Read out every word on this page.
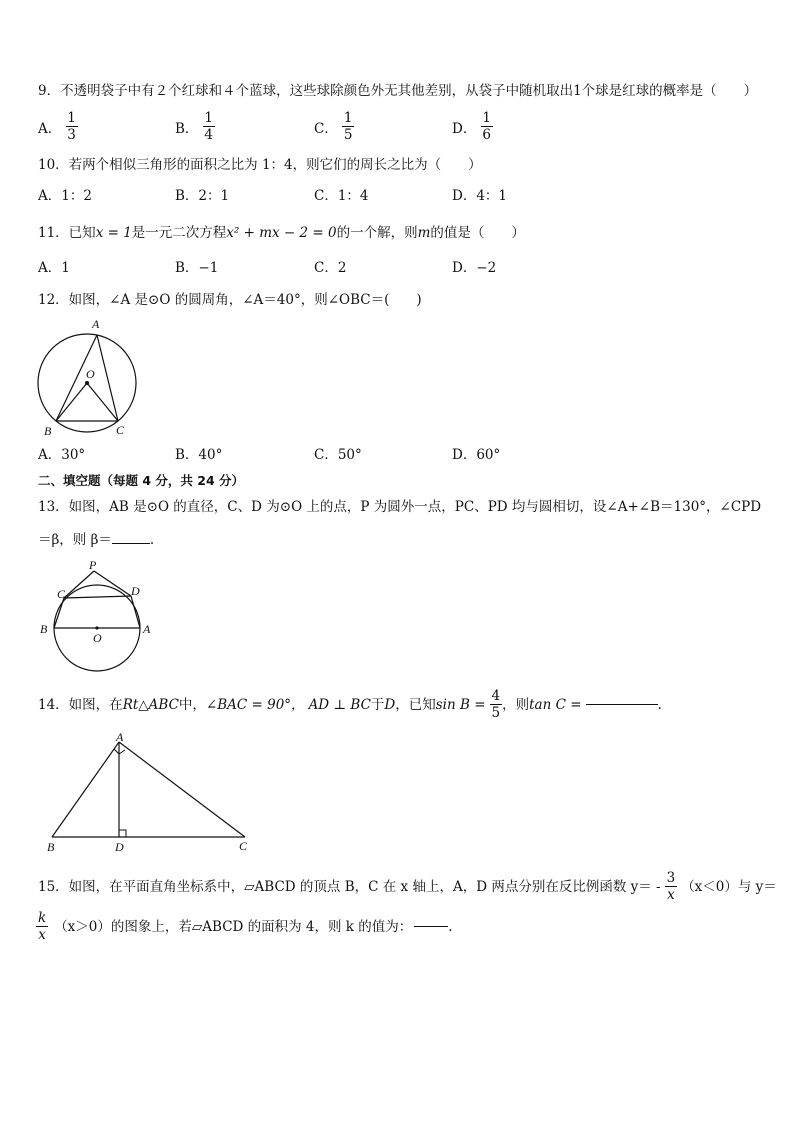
9．不透明袋子中有２个红球和４个蓝球，这些球除颜色外无其他差别，从袋子中随机取出1个球是红球的概率是（　　）
A． $\frac{1}{3}$	B． $\frac{1}{4}$	C． $\frac{1}{5}$	D． $\frac{1}{6}$
10．若两个相似三角形的面积之比为 1：4，则它们的周长之比为（　　）
A．1：2	B．2：1	C．1：4	D．4：1
11．已知x = 1是一元二次方程x² + mx − 2 = 0的一个解，则m的值是（　　）
A．1	B．−1	C．2	D．−2
12．如图，∠A 是⊙O 的圆周角，∠A＝40°，则∠OBC＝(　　)
A
O
B	C
A．30°	B．40°	C．50°	D．60°
二、填空题（每题 4 分，共 24 分）
13．如图，AB 是⊙O 的直径，C、D 为⊙O 上的点，P 为圆外一点，PC、PD 均与圆相切，设∠A+∠B＝130°，∠CPD
＝β，则 β＝	.
P
C	D
B	A
O
14．如图，在 Rt△ABC 中， ∠BAC = 90°， AD ⊥ BC 于 D ，已知 $\sin B = \frac{4}{5}$ ，则 tan C =	.
A
B	D	C
15．如图，在平面直角坐标系中，▱ABCD 的顶点 B，C 在 x 轴上，A，D 两点分别在反比例函数 $y= - \frac{3}{x} (x<0)$与 y＝
$\frac{k}{x} (x>0)$的图象上，若▱ABCD 的面积为 4，则 k 的值为：	.
